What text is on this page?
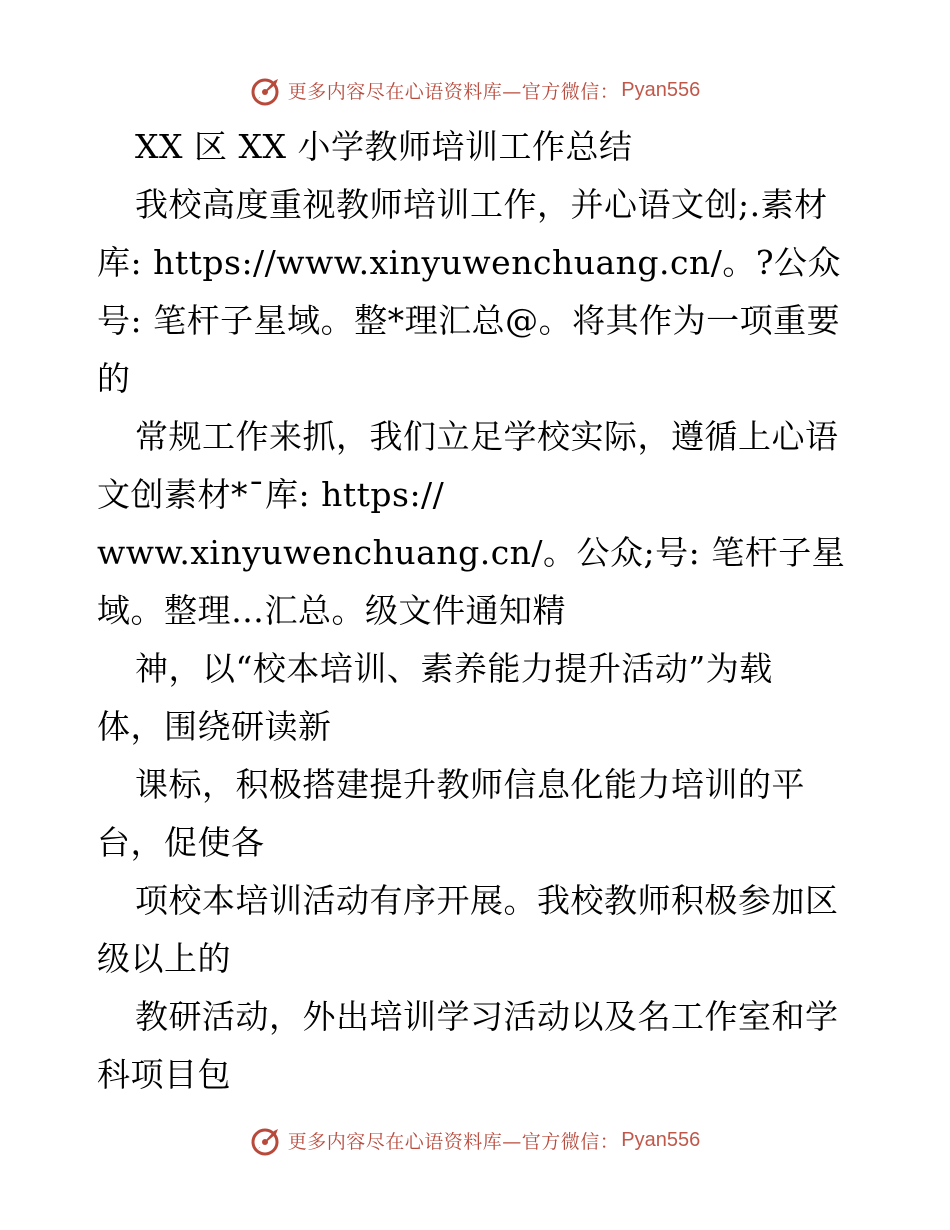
更多内容尽在心语资料库—官方微信： Pyan556
XX 区 XX 小学教师培训工作总结
我校高度重视教师培训工作，并心语文创;.素材
库: https://www.xinyuwenchuang.cn/。?公众
号: 笔杆子星域。整*理汇总@。将其作为一项重要
的
常规工作来抓，我们立足学校实际，遵循上心语
文创素材*¯库: https://
www.xinyuwenchuang.cn/。公众;号: 笔杆子星
域。整理…汇总。级文件通知精
神，以“校本培训、素养能力提升活动”为载
体，围绕研读新
课标，积极搭建提升教师信息化能力培训的平
台，促使各
项校本培训活动有序开展。我校教师积极参加区
级以上的
教研活动，外出培训学习活动以及名工作室和学
科项目包
更多内容尽在心语资料库—官方微信： Pyan556
